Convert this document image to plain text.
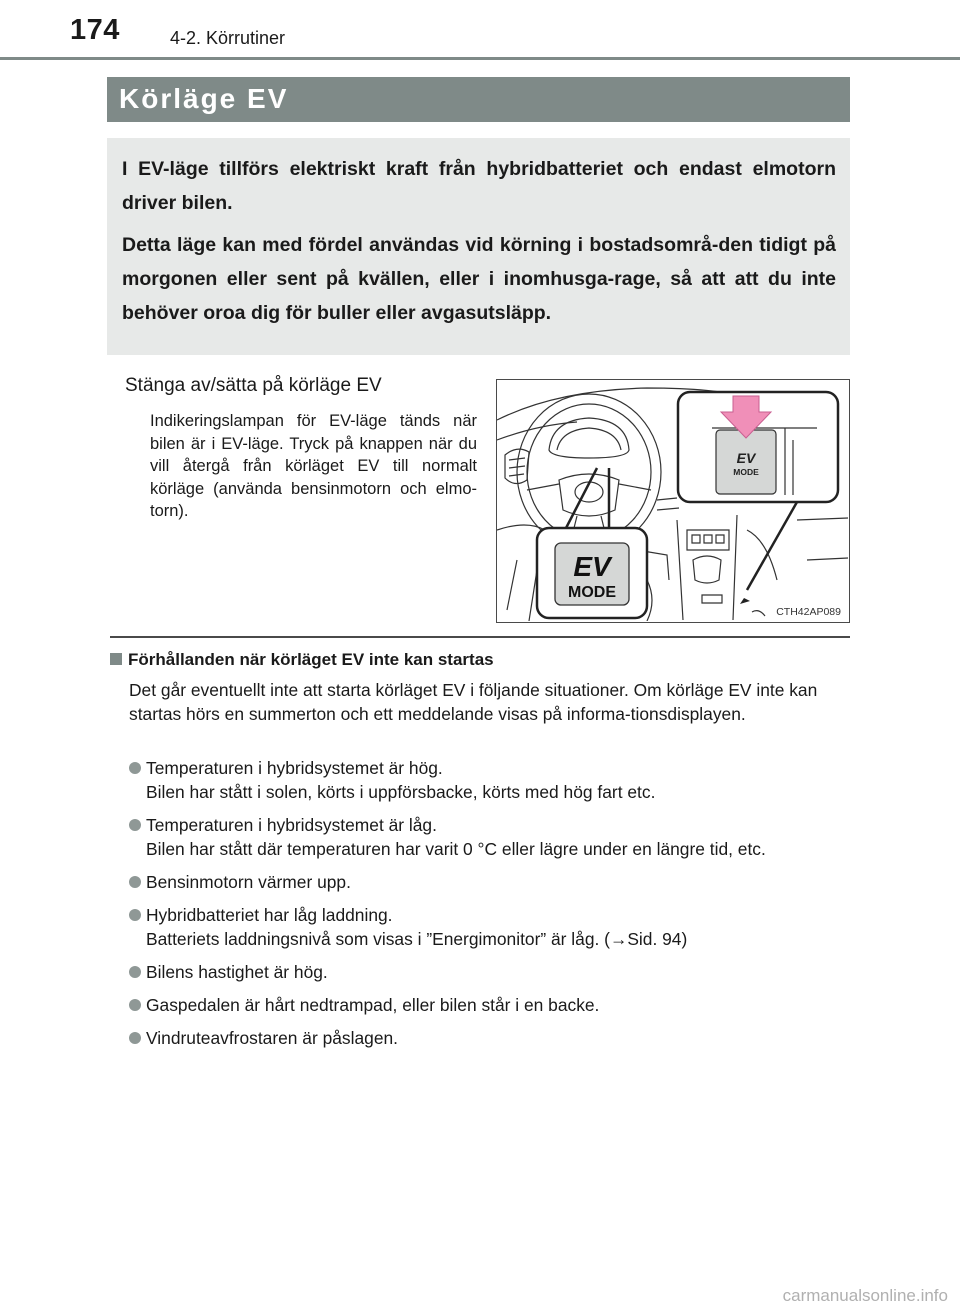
174	4-2. Körrutiner
Körläge EV

I EV-läge tillförs elektriskt kraft från hybridbatteriet och endast elmotorn driver bilen.

Detta läge kan med fördel användas vid körning i bostadsområ-den tidigt på morgonen eller sent på kvällen, eller i inomhusga-rage, så att att du inte behöver oroa dig för buller eller avgasutsläpp.

Stänga av/sätta på körläge EV
Indikeringslampan för EV-läge tänds när bilen är i EV-läge. Tryck på knappen när du vill återgå från körläget EV till normalt körläge (använda bensinmotorn och elmo-torn).
EV
MODE
EV
MODE
CTH42AP089
Förhållanden när körläget EV inte kan startas
Det går eventuellt inte att starta körläget EV i följande situationer. Om körläge EV inte kan startas hörs en summerton och ett meddelande visas på informa-tionsdisplayen.
Temperaturen i hybridsystemet är hög.
Bilen har stått i solen, körts i uppförsbacke, körts med hög fart etc.
Temperaturen i hybridsystemet är låg.
Bilen har stått där temperaturen har varit 0 °C eller lägre under en längre tid, etc.
Bensinmotorn värmer upp.
Hybridbatteriet har låg laddning.
Batteriets laddningsnivå som visas i ”Energimonitor” är låg. (→Sid. 94)
Bilens hastighet är hög.
Gaspedalen är hårt nedtrampad, eller bilen står i en backe.
Vindruteavfrostaren är påslagen.
carmanualsonline.info
